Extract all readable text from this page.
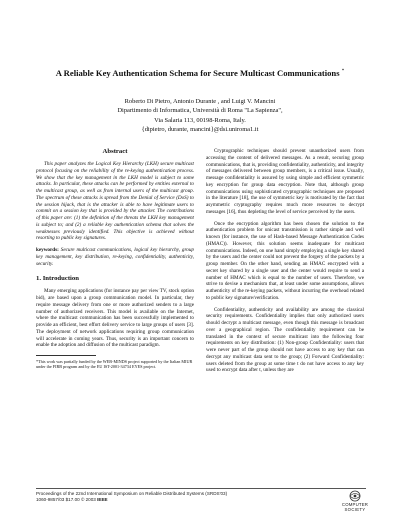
A Reliable Key Authentication Schema for Secure Multicast Communications *
Roberto Di Pietro, Antonio Durante , and Luigi V. Mancini
Dipartimento di Informatica, Università di Roma "La Sapienza",
Via Salaria 113, 00198-Roma, Italy.
{dipietro, durante, mancini}@dsi.uniroma1.it
Abstract
This paper analyzes the Logical Key Hierarchy (LKH) secure multicast protocol focusing on the reliability of the re-keying authentication process. We show that the key management in the LKH model is subject to some attacks. In particular, these attacks can be performed by entities external to the multicast group, as well as from internal users of the multicast group. The spectrum of these attacks is spread from the Denial of Service (DoS) to the session hijack, that is the attacker is able to have legitimate users to commit on a session key that is provided by the attacker. The contributions of this paper are: (1) the definition of the threats the LKH key management is subject to; and (2) a reliable key authentication schema that solves the weaknesses previously identified. This objective is achieved without resorting to public key signatures.
keywords: Secure multicast communications, logical key hierarchy, group key management, key distribution, re-keying, confidentiality, authenticity, security.
1. Introduction
Many emerging applications (for instance pay per view TV, stock option bid), are based upon a group communication model. In particular, they require message delivery from one or more authorized senders to a large number of authorized receivers. This model is available on the Internet, where the multicast communication has been successfully implemented to provide an efficient, best effort delivery service to large groups of users [3]. The deployment of network applications requiring group communication will accelerate in coming years. Thus, security is an important concern to enable the adoption and diffusion of the multicast paradigm.
*This work was partially funded by the WEB-MINDS project supported by the Italian MIUR under the FIRB program and by the EU IST-2001-34734 EYES project.
Cryptographic techniques should prevent unauthorized users from accessing the content of delivered messages. As a result, securing group communications, that is, providing confidentiality, authenticity, and integrity of messages delivered between group members, is a critical issue. Usually, message confidentiality is assured by using simple and efficient symmetric key encryption for group data encryption. Note that, although group communications using sophisticated cryptographic techniques are proposed in the literature [18], the use of symmetric key is motivated by the fact that asymmetric cryptography requires much more resources to decrypt messages [16], thus depleting the level of service perceived by the users.
Once the encryption algorithm has been chosen the solution to the authentication problem for unicast transmission is rather simple and well known (for instance, the use of Hash-based Message Authentication Codes (HMAC)). However, this solution seems inadequate for multicast communications. Indeed, on one hand simply employing a single key shared by the users and the center could not prevent the forgery of the packets by a group member. On the other hand, sending an HMAC encrypted with a secret key shared by a single user and the center would require to send a number of HMAC which is equal to the number of users. Therefore, we strive to devise a mechanism that, at least under some assumptions, allows authenticity of the re-keying packets, without incurring the overhead related to public key signature/verification.
Confidentiality, authenticity and availability are among the classical security requirements. Confidentiality implies that only authorized users should decrypt a multicast message, even though this message is broadcast over a geographical region. The confidentiality requirement can be translated in the context of secure multicast into the following four requirements on key distribution: (1) Non-group Confidentiality: users that were never part of the group should not have access to any key that can decrypt any multicast data sent to the group; (2) Forward Confidentiality: users deleted from the group at some time t do not have access to any key used to encrypt data after t, unless they are
Proceedings of the 22nd International Symposium on Reliable Distributed Systems (SRDS'03)
1060-9857/03 $17.00 © 2003 IEEE
COMPUTER
SOCIETY
